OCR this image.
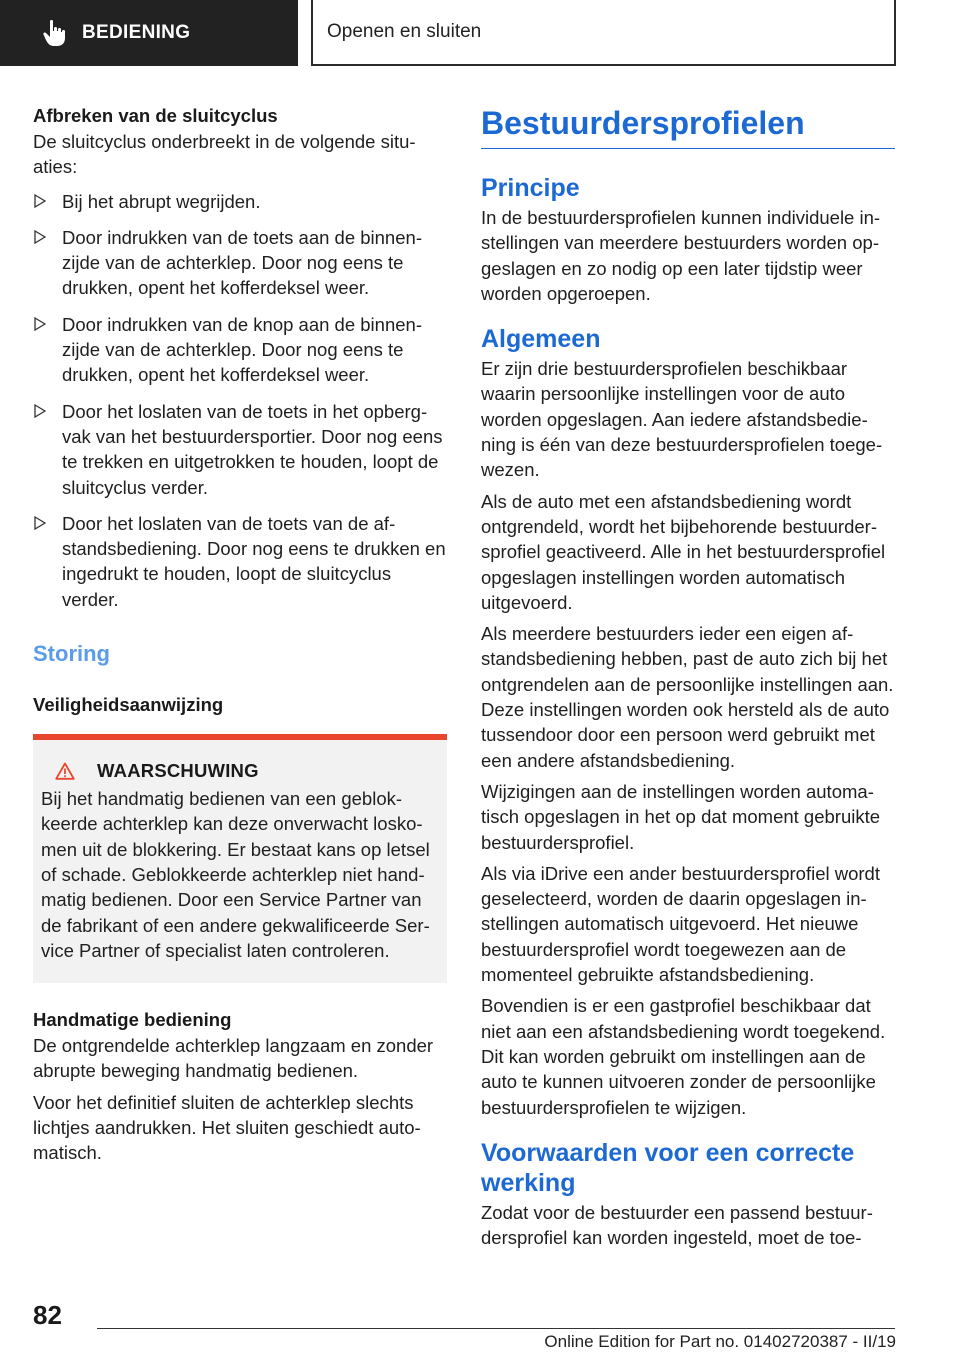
BEDIENING	Openen en sluiten
Afbreken van de sluitcyclus

De sluitcyclus onderbreekt in de volgende situaties:

Bij het abrupt wegrijden.
Door indrukken van de toets aan de binnenzijde van de achterklep. Door nog eens te drukken, opent het kofferdeksel weer.
Door indrukken van de knop aan de binnenzijde van de achterklep. Door nog eens te drukken, opent het kofferdeksel weer.
Door het loslaten van de toets in het opbergvak van het bestuurdersportier. Door nog eens te trekken en uitgetrokken te houden, loopt de sluitcyclus verder.
Door het loslaten van de toets van de afstandsbediening. Door nog eens te drukken en ingedrukt te houden, loopt de sluitcyclus verder.
Storing
Veiligheidsaanwijzing
WAARSCHUWING

Bij het handmatig bedienen van een geblokkeerde achterklep kan deze onverwacht loskomen uit de blokkering. Er bestaat kans op letsel of schade. Geblokkeerde achterklep niet handmatig bedienen. Door een Service Partner van de fabrikant of een andere gekwalificeerde Service Partner of specialist laten controleren.

Handmatige bediening

De ontgrendelde achterklep langzaam en zonder abrupte beweging handmatig bedienen.

Voor het definitief sluiten de achterklep slechts lichtjes aandrukken. Het sluiten geschiedt automatisch.

Bestuurdersprofielen
Principe

In de bestuurdersprofielen kunnen individuele instellingen van meerdere bestuurders worden opgeslagen en zo nodig op een later tijdstip weer worden opgeroepen.

Algemeen

Er zijn drie bestuurdersprofielen beschikbaar waarin persoonlijke instellingen voor de auto worden opgeslagen. Aan iedere afstandsbediening is één van deze bestuurdersprofielen toegewezen.

Als de auto met een afstandsbediening wordt ontgrendeld, wordt het bijbehorende bestuurdersprofiel geactiveerd. Alle in het bestuurdersprofiel opgeslagen instellingen worden automatisch uitgevoerd.

Als meerdere bestuurders ieder een eigen afstandsbediening hebben, past de auto zich bij het ontgrendelen aan de persoonlijke instellingen aan. Deze instellingen worden ook hersteld als de auto tussendoor door een persoon werd gebruikt met een andere afstandsbediening.

Wijzigingen aan de instellingen worden automatisch opgeslagen in het op dat moment gebruikte bestuurdersprofiel.

Als via iDrive een ander bestuurdersprofiel wordt geselecteerd, worden de daarin opgeslagen instellingen automatisch uitgevoerd. Het nieuwe bestuurdersprofiel wordt toegewezen aan de momenteel gebruikte afstandsbediening.

Bovendien is er een gastprofiel beschikbaar dat niet aan een afstandsbediening wordt toegekend. Dit kan worden gebruikt om instellingen aan de auto te kunnen uitvoeren zonder de persoonlijke bestuurdersprofielen te wijzigen.

Voorwaarden voor een correcte werking

Zodat voor de bestuurder een passend bestuurdersprofiel kan worden ingesteld, moet de toe-

82
Online Edition for Part no. 01402720387 - II/19
